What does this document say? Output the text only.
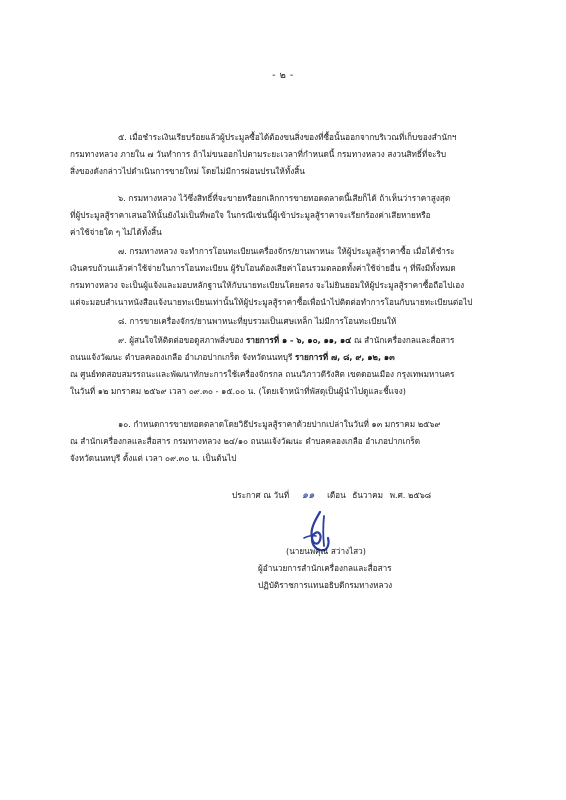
- ๒ -
๕. เมื่อชำระเงินเรียบร้อยแล้วผู้ประมูลซื้อได้ต้องขนสิ่งของที่ซื้อนั้นออกจากบริเวณที่เก็บของสำนักฯ
กรมทางหลวง ภายใน ๗ วันทำการ ถ้าไม่ขนออกไปตามระยะเวลาที่กำหนดนี้ กรมทางหลวง สงวนสิทธิ์ที่จะริบ
สิ่งของดังกล่าวไปดำเนินการขายใหม่ โดยไม่มีการผ่อนปรนให้ทั้งสิ้น
๖. กรมทางหลวง ไว้ซึ่งสิทธิ์ที่จะขายหรือยกเลิกการขายทอดตลาดนี้เสียก็ได้ ถ้าเห็นว่าราคาสูงสุด
ที่ผู้ประมูลสู้ราคาเสนอให้นั้นยังไม่เป็นที่พอใจ ในกรณีเช่นนี้ผู้เข้าประมูลสู้ราคาจะเรียกร้องค่าเสียหายหรือ
ค่าใช้จ่ายใด ๆ ไม่ได้ทั้งสิ้น
๗. กรมทางหลวง จะทำการโอนทะเบียนเครื่องจักร/ยานพาหนะ ให้ผู้ประมูลสู้ราคาซื้อ เมื่อได้ชำระ
เงินครบถ้วนแล้วค่าใช้จ่ายในการโอนทะเบียน ผู้รับโอนต้องเสียค่าโอนรวมตลอดทั้งค่าใช้จ่ายอื่น ๆ ที่พึงมีทั้งหมด
กรมทางหลวง จะเป็นผู้แจ้งและมอบหลักฐานให้กับนายทะเบียนโดยตรง จะไม่ยินยอมให้ผู้ประมูลสู้ราคาซื้อถือไปเอง
แต่จะมอบสำเนาหนังสือแจ้งนายทะเบียนเท่านั้นให้ผู้ประมูลสู้ราคาซื้อเพื่อนำไปติดต่อทำการโอนกับนายทะเบียนต่อไป
๘. การขายเครื่องจักร/ยานพาหนะที่ยุบรวมเป็นเศษเหล็ก ไม่มีการโอนทะเบียนให้
๙. ผู้สนใจให้ติดต่อขอดูสภาพสิ่งของ รายการที่ ๑ - ๖, ๑๐, ๑๑, ๑๔ ณ สำนักเครื่องกลและสื่อสาร
ถนนแจ้งวัฒนะ ตำบลคลองเกลือ อำเภอปากเกร็ด จังหวัดนนทบุรี รายการที่ ๗, ๘, ๙, ๑๒, ๑๓
ณ ศูนย์ทดสอบสมรรถนะและพัฒนาทักษะการใช้เครื่องจักรกล ถนนวิภาวดีรังสิต เขตดอนเมือง กรุงเทพมหานคร
ในวันที่ ๑๒ มกราคม ๒๕๖๙ เวลา ๐๙.๓๐ - ๑๕.๐๐ น. (โดยเจ้าหน้าที่พัสดุเป็นผู้นำไปดูและชี้แจง)
๑๐. กำหนดการขายทอดตลาดโดยวิธีประมูลสู้ราคาด้วยปากเปล่าในวันที่ ๑๓ มกราคม ๒๕๖๙
ณ สำนักเครื่องกลและสื่อสาร กรมทางหลวง ๒๔/๑๐ ถนนแจ้งวัฒนะ ตำบลคลองเกลือ อำเภอปากเกร็ด
จังหวัดนนทบุรี ตั้งแต่ เวลา ๐๙.๓๐ น. เป็นต้นไป
ประกาศ ณ วันที่ ๑๑ เดือน ธันวาคม พ.ศ. ๒๕๖๘
(นายนพคุณ สว่างไสว)
ผู้อำนวยการสำนักเครื่องกลและสื่อสาร
ปฏิบัติราชการแทนอธิบดีกรมทางหลวง
